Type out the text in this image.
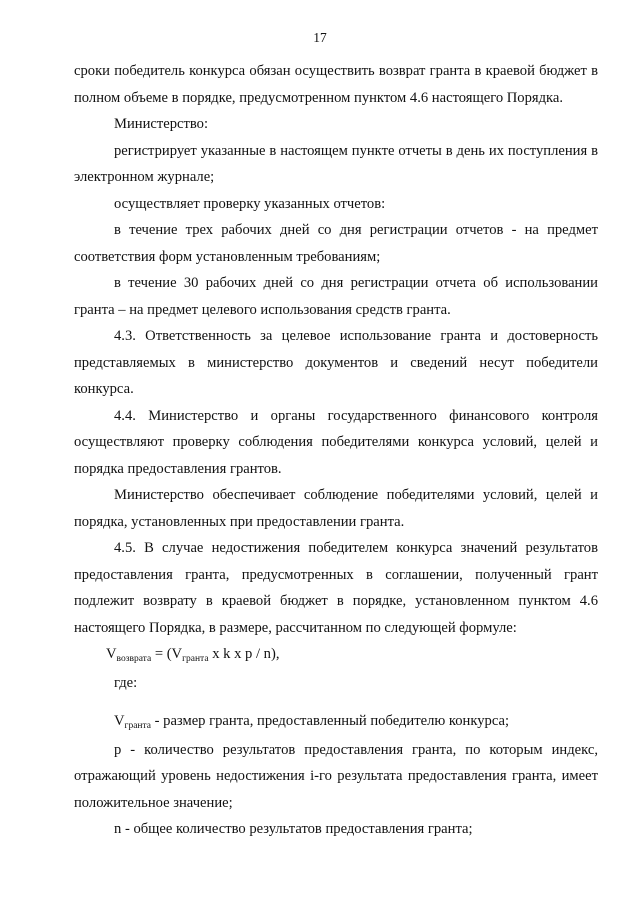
17

сроки победитель конкурса обязан осуществить возврат гранта в краевой бюджет в полном объеме в порядке, предусмотренном пунктом 4.6 настоящего Порядка.

Министерство:

регистрирует указанные в настоящем пункте отчеты в день их поступления в электронном журнале;

осуществляет проверку указанных отчетов:

в течение трех рабочих дней со дня регистрации отчетов - на предмет соответствия форм установленным требованиям;

в течение 30 рабочих дней со дня регистрации отчета об использовании гранта – на предмет целевого использования средств гранта.

4.3. Ответственность за целевое использование гранта и достоверность представляемых в министерство документов и сведений несут победители конкурса.

4.4. Министерство и органы государственного финансового контроля осуществляют проверку соблюдения победителями конкурса условий, целей и порядка предоставления грантов.

Министерство обеспечивает соблюдение победителями условий, целей и порядка, установленных при предоставлении гранта.

4.5. В случае недостижения победителем конкурса значений результатов предоставления гранта, предусмотренных в соглашении, полученный грант подлежит возврату в краевой бюджет в порядке, установленном пунктом 4.6 настоящего Порядка, в размере, рассчитанном по следующей формуле:

$V_{возврата} = (V_{гранта}$ x k x p / n),

где:

$V_{гранта}$ - размер гранта, предоставленный победителю конкурса;

p - количество результатов предоставления гранта, по которым индекс, отражающий уровень недостижения i-го результата предоставления гранта, имеет положительное значение;

n - общее количество результатов предоставления гранта;
